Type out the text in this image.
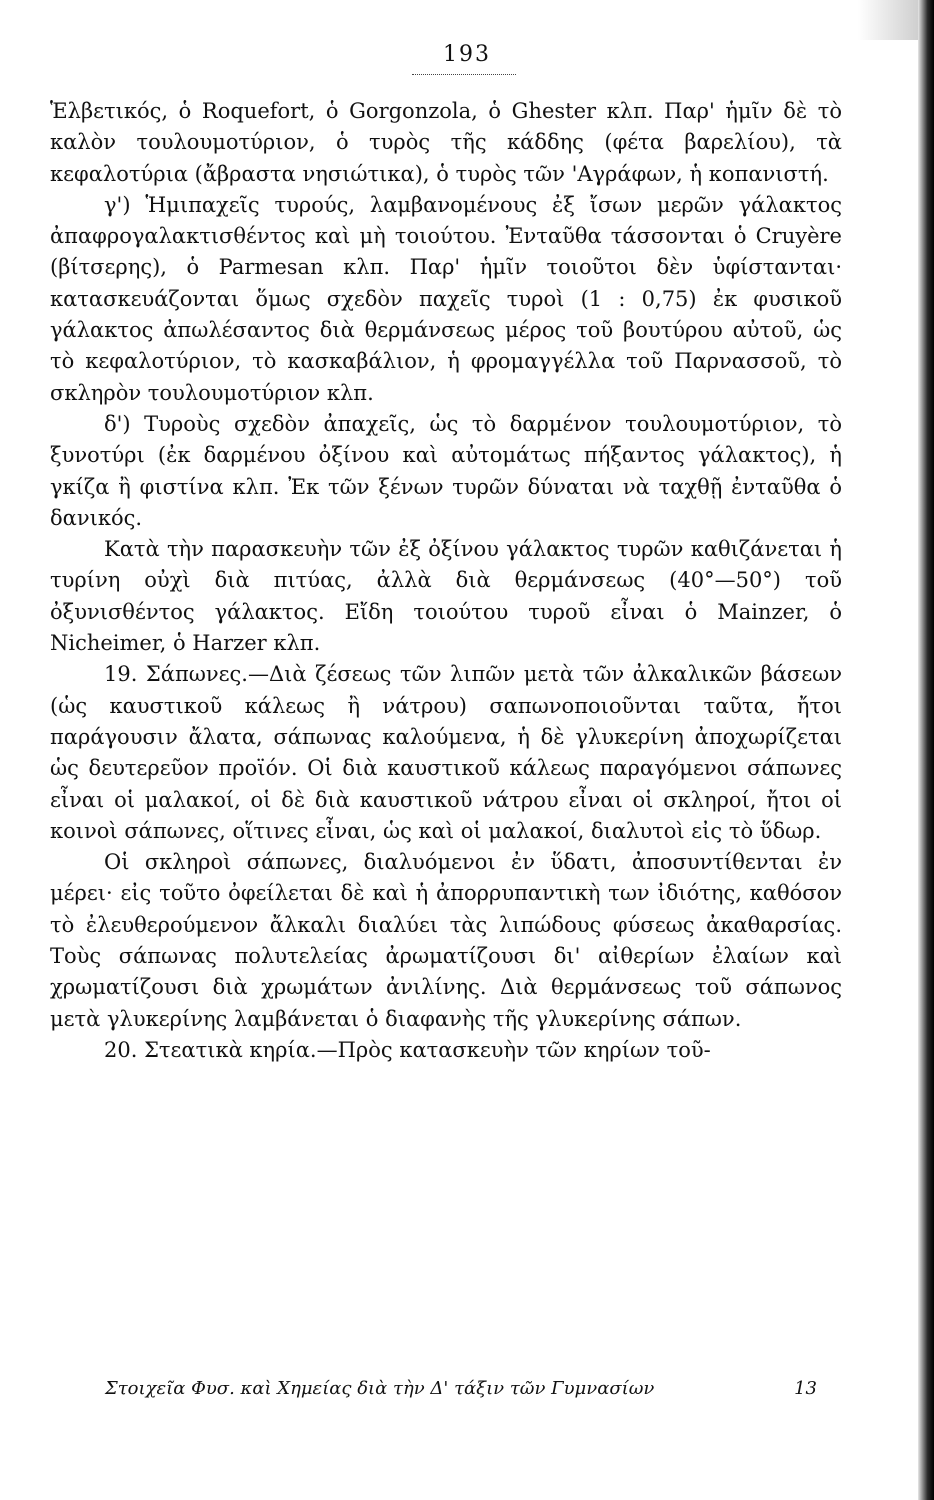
193

Ἑλβετικός, ὁ Roquefort, ὁ Gorgonzola, ὁ Ghester κλπ. Παρ' ἡμῖν δὲ τὸ καλὸν τουλουμοτύριον, ὁ τυρὸς τῆς κάδδης (φέτα βαρελίου), τὰ κεφαλοτύρια (ἄβραστα νησιώτικα), ὁ τυρὸς τῶν 'Αγράφων, ἡ κοπανιστή.

γ') Ἡμιπαχεῖς τυρούς, λαμβανομένους ἐξ ἴσων μερῶν γάλακτος ἀπαφρογαλακτισθέντος καὶ μὴ τοιούτου. Ἐνταῦθα τάσσονται ὁ Cruyère (βίτσερης), ὁ Parmesan κλπ. Παρ' ἡμῖν τοιοῦτοι δὲν ὑφίστανται· κατασκευάζονται ὅμως σχεδὸν παχεῖς τυροὶ (1 : 0,75) ἐκ φυσικοῦ γάλακτος ἀπωλέσαντος διὰ θερμάνσεως μέρος τοῦ βουτύρου αὐτοῦ, ὡς τὸ κεφαλοτύριον, τὸ κασκαβάλιον, ἡ φρομαγγέλλα τοῦ Παρνασσοῦ, τὸ σκληρὸν τουλουμοτύριον κλπ.

δ') Τυροὺς σχεδὸν ἀπαχεῖς, ὡς τὸ δαρμένον τουλουμοτύριον, τὸ ξυνοτύρι (ἐκ δαρμένου ὀξίνου καὶ αὐτομάτως πήξαντος γάλακτος), ἡ γκίζα ἢ φιστίνα κλπ. Ἐκ τῶν ξένων τυρῶν δύναται νὰ ταχθῇ ἐνταῦθα ὁ δανικός.

Κατὰ τὴν παρασκευὴν τῶν ἐξ ὀξίνου γάλακτος τυρῶν καθιζάνεται ἡ τυρίνη οὐχὶ διὰ πιτύας, ἀλλὰ διὰ θερμάνσεως (40°—50°) τοῦ ὀξυνισθέντος γάλακτος. Εἴδη τοιούτου τυροῦ εἶναι ὁ Mainzer, ὁ Nicheimer, ὁ Harzer κλπ.

19. Σάπωνες.—Διὰ ζέσεως τῶν λιπῶν μετὰ τῶν ἀλκαλικῶν βάσεων (ὡς καυστικοῦ κάλεως ἢ νάτρου) σαπωνοποιοῦνται ταῦτα, ἤτοι παράγουσιν ἄλατα, σάπωνας καλούμενα, ἡ δὲ γλυκερίνη ἀποχωρίζεται ὡς δευτερεῦον προϊόν. Οἱ διὰ καυστικοῦ κάλεως παραγόμενοι σάπωνες εἶναι οἱ μαλακοί, οἱ δὲ διὰ καυστικοῦ νάτρου εἶναι οἱ σκληροί, ἤτοι οἱ κοινοὶ σάπωνες, οἵτινες εἶναι, ὡς καὶ οἱ μαλακοί, διαλυτοὶ εἰς τὸ ὕδωρ.

Οἱ σκληροὶ σάπωνες, διαλυόμενοι ἐν ὕδατι, ἀποσυντίθενται ἐν μέρει· εἰς τοῦτο ὀφείλεται δὲ καὶ ἡ ἀπορρυπαντικὴ των ἰδιότης, καθόσον τὸ ἐλευθερούμενον ἄλκαλι διαλύει τὰς λιπώδους φύσεως ἀκαθαρσίας. Τοὺς σάπωνας πολυτελείας ἀρωματίζουσι δι' αἰθερίων ἐλαίων καὶ χρωματίζουσι διὰ χρωμάτων ἀνιλίνης. Διὰ θερμάνσεως τοῦ σάπωνος μετὰ γλυκερίνης λαμβάνεται ὁ διαφανὴς τῆς γλυκερίνης σάπων.

20. Στεατικὰ κηρία.—Πρὸς κατασκευὴν τῶν κηρίων τοῦ-

Στοιχεῖα Φυσ. καὶ Χημείας διὰ τὴν Δ' τάξιν τῶν Γυμνασίων	13
